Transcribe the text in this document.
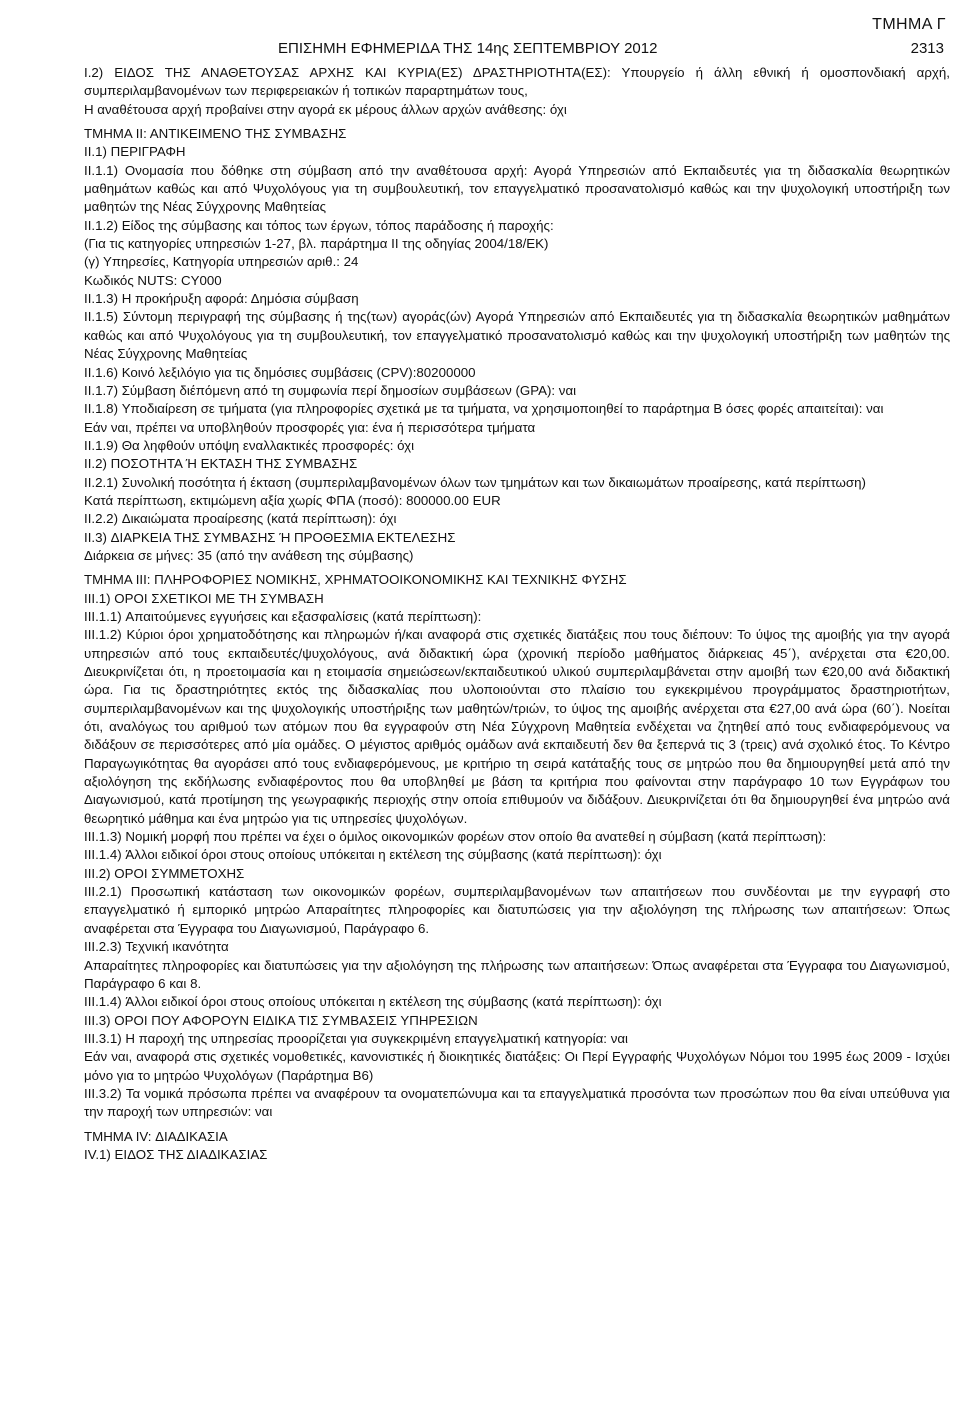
ΤΜΗΜΑ Γ
ΕΠΙΣΗΜΗ ΕΦΗΜΕΡΙΔΑ ΤΗΣ 14ης ΣΕΠΤΕΜΒΡΙΟΥ 2012	2313

I.2) ΕΙΔΟΣ ΤΗΣ ΑΝΑΘΕΤΟΥΣΑΣ ΑΡΧΗΣ ΚΑΙ ΚΥΡΙΑ(ΕΣ) ΔΡΑΣΤΗΡΙΟΤΗΤΑ(ΕΣ): Υπουργείο ή άλλη εθνική ή ομοσπονδιακή αρχή, συμπεριλαμβανομένων των περιφερειακών ή τοπικών παραρτημάτων τους,

Η αναθέτουσα αρχή προβαίνει στην αγορά εκ μέρους άλλων αρχών ανάθεσης: όχι

ΤΜΗΜΑ ΙΙ: ΑΝΤΙΚΕΙΜΕΝΟ ΤΗΣ ΣΥΜΒΑΣΗΣ

II.1) ΠΕΡΙΓΡΑΦΗ

II.1.1) Ονομασία που δόθηκε στη σύμβαση από την αναθέτουσα αρχή: Αγορά Υπηρεσιών από Εκπαιδευτές για τη διδασκαλία θεωρητικών μαθημάτων καθώς και από Ψυχολόγους για τη συμβουλευτική, τον επαγγελματικό προσανατολισμό καθώς και την ψυχολογική υποστήριξη των μαθητών της Νέας Σύγχρονης Μαθητείας

II.1.2) Είδος της σύμβασης και τόπος των έργων, τόπος παράδοσης ή παροχής:

(Για τις κατηγορίες υπηρεσιών 1-27, βλ. παράρτημα ΙΙ της οδηγίας 2004/18/ΕΚ)

(γ) Υπηρεσίες, Κατηγορία υπηρεσιών αριθ.: 24

Κωδικός NUTS: CY000

II.1.3) Η προκήρυξη αφορά: Δημόσια σύμβαση

II.1.5) Σύντομη περιγραφή της σύμβασης ή της(των) αγοράς(ών) Αγορά Υπηρεσιών από Εκπαιδευτές για τη διδασκαλία θεωρητικών μαθημάτων καθώς και από Ψυχολόγους για τη συμβουλευτική, τον επαγγελματικό προσανατολισμό καθώς και την ψυχολογική υποστήριξη των μαθητών της Νέας Σύγχρονης Μαθητείας

II.1.6) Κοινό λεξιλόγιο για τις δημόσιες συμβάσεις (CPV):80200000

II.1.7) Σύμβαση διέπόμενη από τη συμφωνία περί δημοσίων συμβάσεων (GPA): ναι

II.1.8) Υποδιαίρεση σε τμήματα (για πληροφορίες σχετικά με τα τμήματα, να χρησιμοποιηθεί το παράρτημα B όσες φορές απαιτείται): ναι

Εάν ναι, πρέπει να υποβληθούν προσφορές για: ένα ή περισσότερα τμήματα

II.1.9) Θα ληφθούν υπόψη εναλλακτικές προσφορές: όχι

II.2) ΠΟΣΟΤΗΤΑ Ή ΕΚΤΑΣΗ ΤΗΣ ΣΥΜΒΑΣΗΣ

II.2.1) Συνολική ποσότητα ή έκταση (συμπεριλαμβανομένων όλων των τμημάτων και των δικαιωμάτων προαίρεσης, κατά περίπτωση)

Κατά περίπτωση, εκτιμώμενη αξία χωρίς ΦΠΑ (ποσό): 800000.00 EUR

II.2.2) Δικαιώματα προαίρεσης (κατά περίπτωση): όχι

II.3) ΔΙΑΡΚΕΙΑ ΤΗΣ ΣΥΜΒΑΣΗΣ Ή ΠΡΟΘΕΣΜΙΑ ΕΚΤΕΛΕΣΗΣ

Διάρκεια σε μήνες: 35 (από την ανάθεση της σύμβασης)

ΤΜΗΜΑ ΙΙΙ: ΠΛΗΡΟΦΟΡΙΕΣ ΝΟΜΙΚΗΣ, ΧΡΗΜΑΤΟΟΙΚΟΝΟΜΙΚΗΣ ΚΑΙ ΤΕΧΝΙΚΗΣ ΦΥΣΗΣ

III.1) ΟΡΟΙ ΣΧΕΤΙΚΟΙ ΜΕ ΤΗ ΣΥΜΒΑΣΗ

III.1.1) Απαιτούμενες εγγυήσεις και εξασφαλίσεις (κατά περίπτωση):

III.1.2) Κύριοι όροι χρηματοδότησης και πληρωμών ή/και αναφορά στις σχετικές διατάξεις που τους διέπουν: Το ύψος της αμοιβής για την αγορά υπηρεσιών από τους εκπαιδευτές/ψυχολόγους, ανά διδακτική ώρα (χρονική περίοδο μαθήματος διάρκειας 45΄), ανέρχεται στα €20,00. Διευκρινίζεται ότι, η προετοιμασία και η ετοιμασία σημειώσεων/εκπαιδευτικού υλικού συμπεριλαμβάνεται στην αμοιβή των €20,00 ανά διδακτική ώρα. Για τις δραστηριότητες εκτός της διδασκαλίας που υλοποιούνται στο πλαίσιο του εγκεκριμένου προγράμματος δραστηριοτήτων, συμπεριλαμβανομένων και της ψυχολογικής υποστήριξης των μαθητών/τριών, το ύψος της αμοιβής ανέρχεται στα €27,00 ανά ώρα (60΄). Νοείται ότι, αναλόγως του αριθμού των ατόμων που θα εγγραφούν στη Νέα Σύγχρονη Μαθητεία ενδέχεται να ζητηθεί από τους ενδιαφερόμενους να διδάξουν σε περισσότερες από μία ομάδες. Ο μέγιστος αριθμός ομάδων ανά εκπαιδευτή δεν θα ξεπερνά τις 3 (τρεις) ανά σχολικό έτος. Το Κέντρο Παραγωγικότητας θα αγοράσει από τους ενδιαφερόμενους, με κριτήριο τη σειρά κατάταξής τους σε μητρώο που θα δημιουργηθεί μετά από την αξιολόγηση της εκδήλωσης ενδιαφέροντος που θα υποβληθεί με βάση τα κριτήρια που φαίνονται στην παράγραφο 10 των Εγγράφων του Διαγωνισμού, κατά προτίμηση της γεωγραφικής περιοχής στην οποία επιθυμούν να διδάξουν. Διευκρινίζεται ότι θα δημιουργηθεί ένα μητρώο ανά θεωρητικό μάθημα και ένα μητρώο για τις υπηρεσίες ψυχολόγων.

III.1.3) Νομική μορφή που πρέπει να έχει ο όμιλος οικονομικών φορέων στον οποίο θα ανατεθεί η σύμβαση (κατά περίπτωση):

III.1.4) Άλλοι ειδικοί όροι στους οποίους υπόκειται η εκτέλεση της σύμβασης (κατά περίπτωση): όχι

III.2) ΟΡΟΙ ΣΥΜΜΕΤΟΧΗΣ

III.2.1) Προσωπική κατάσταση των οικονομικών φορέων, συμπεριλαμβανομένων των απαιτήσεων που συνδέονται με την εγγραφή στο επαγγελματικό ή εμπορικό μητρώο Απαραίτητες πληροφορίες και διατυπώσεις για την αξιολόγηση της πλήρωσης των απαιτήσεων: Όπως αναφέρεται στα Έγγραφα του Διαγωνισμού, Παράγραφο 6.

III.2.3) Τεχνική ικανότητα

Απαραίτητες πληροφορίες και διατυπώσεις για την αξιολόγηση της πλήρωσης των απαιτήσεων: Όπως αναφέρεται στα Έγγραφα του Διαγωνισμού, Παράγραφο 6 και 8.

III.1.4) Άλλοι ειδικοί όροι στους οποίους υπόκειται η εκτέλεση της σύμβασης (κατά περίπτωση): όχι

III.3) ΟΡΟΙ ΠΟΥ ΑΦΟΡΟΥΝ ΕΙΔΙΚΑ ΤΙΣ ΣΥΜΒΑΣΕΙΣ ΥΠΗΡΕΣΙΩΝ

III.3.1) Η παροχή της υπηρεσίας προορίζεται για συγκεκριμένη επαγγελματική κατηγορία: ναι

Εάν ναι, αναφορά στις σχετικές νομοθετικές, κανονιστικές ή διοικητικές διατάξεις: Οι Περί Εγγραφής Ψυχολόγων Νόμοι του 1995 έως 2009 - Ισχύει μόνο για το μητρώο Ψυχολόγων (Παράρτημα Β6)

III.3.2) Τα νομικά πρόσωπα πρέπει να αναφέρουν τα ονοματεπώνυμα και τα επαγγελματικά προσόντα των προσώπων που θα είναι υπεύθυνα για την παροχή των υπηρεσιών: ναι

ΤΜΗΜΑ IV: ΔΙΑΔΙΚΑΣΙΑ

IV.1) ΕΙΔΟΣ ΤΗΣ ΔΙΑΔΙΚΑΣΙΑΣ
